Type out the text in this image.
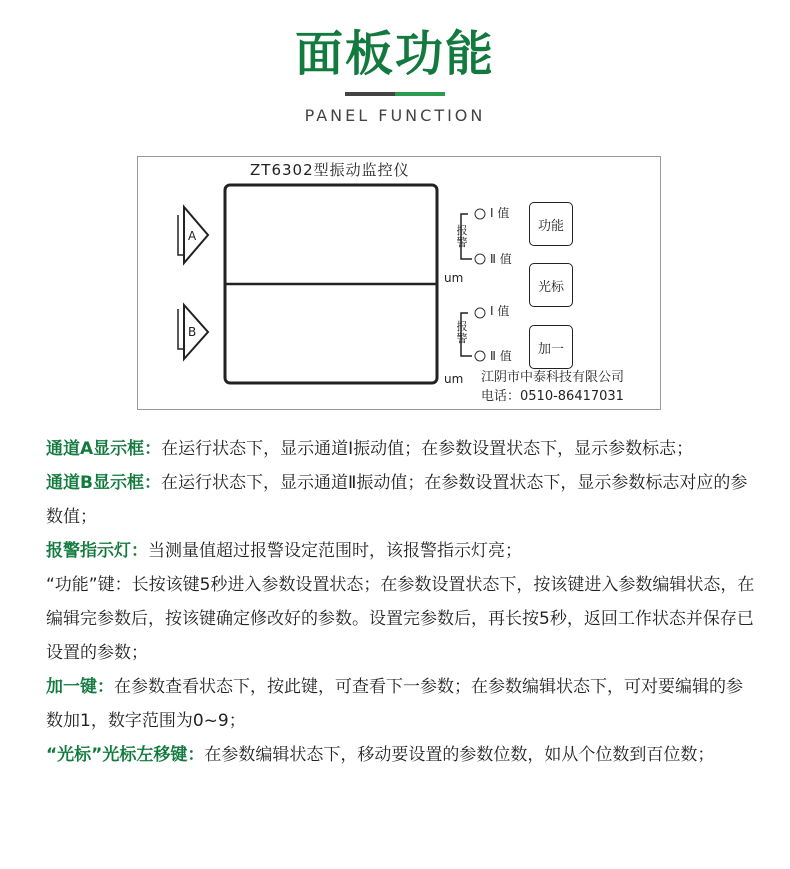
面板功能
PANEL FUNCTION
ZT6302型振动监控仪
A
B
Ⅰ 值
Ⅱ 值
Ⅰ 值
Ⅱ 值
报警
报警
um
um
功能
光标
加一
江阴市中泰科技有限公司
电话：0510-86417031

通道A显示框：在运行状态下，显示通道Ⅰ振动值；在参数设置状态下，显示参数标志；

通道B显示框：在运行状态下，显示通道Ⅱ振动值；在参数设置状态下，显示参数标志对应的参数值；

报警指示灯：当测量值超过报警设定范围时，该报警指示灯亮；

“功能”键：长按该键5秒进入参数设置状态；在参数设置状态下，按该键进入参数编辑状态，在编辑完参数后，按该键确定修改好的参数。设置完参数后，再长按5秒，返回工作状态并保存已设置的参数；

加一键：在参数查看状态下，按此键，可查看下一参数；在参数编辑状态下，可对要编辑的参数加1，数字范围为0~9；

“光标”光标左移键：在参数编辑状态下，移动要设置的参数位数，如从个位数到百位数；
